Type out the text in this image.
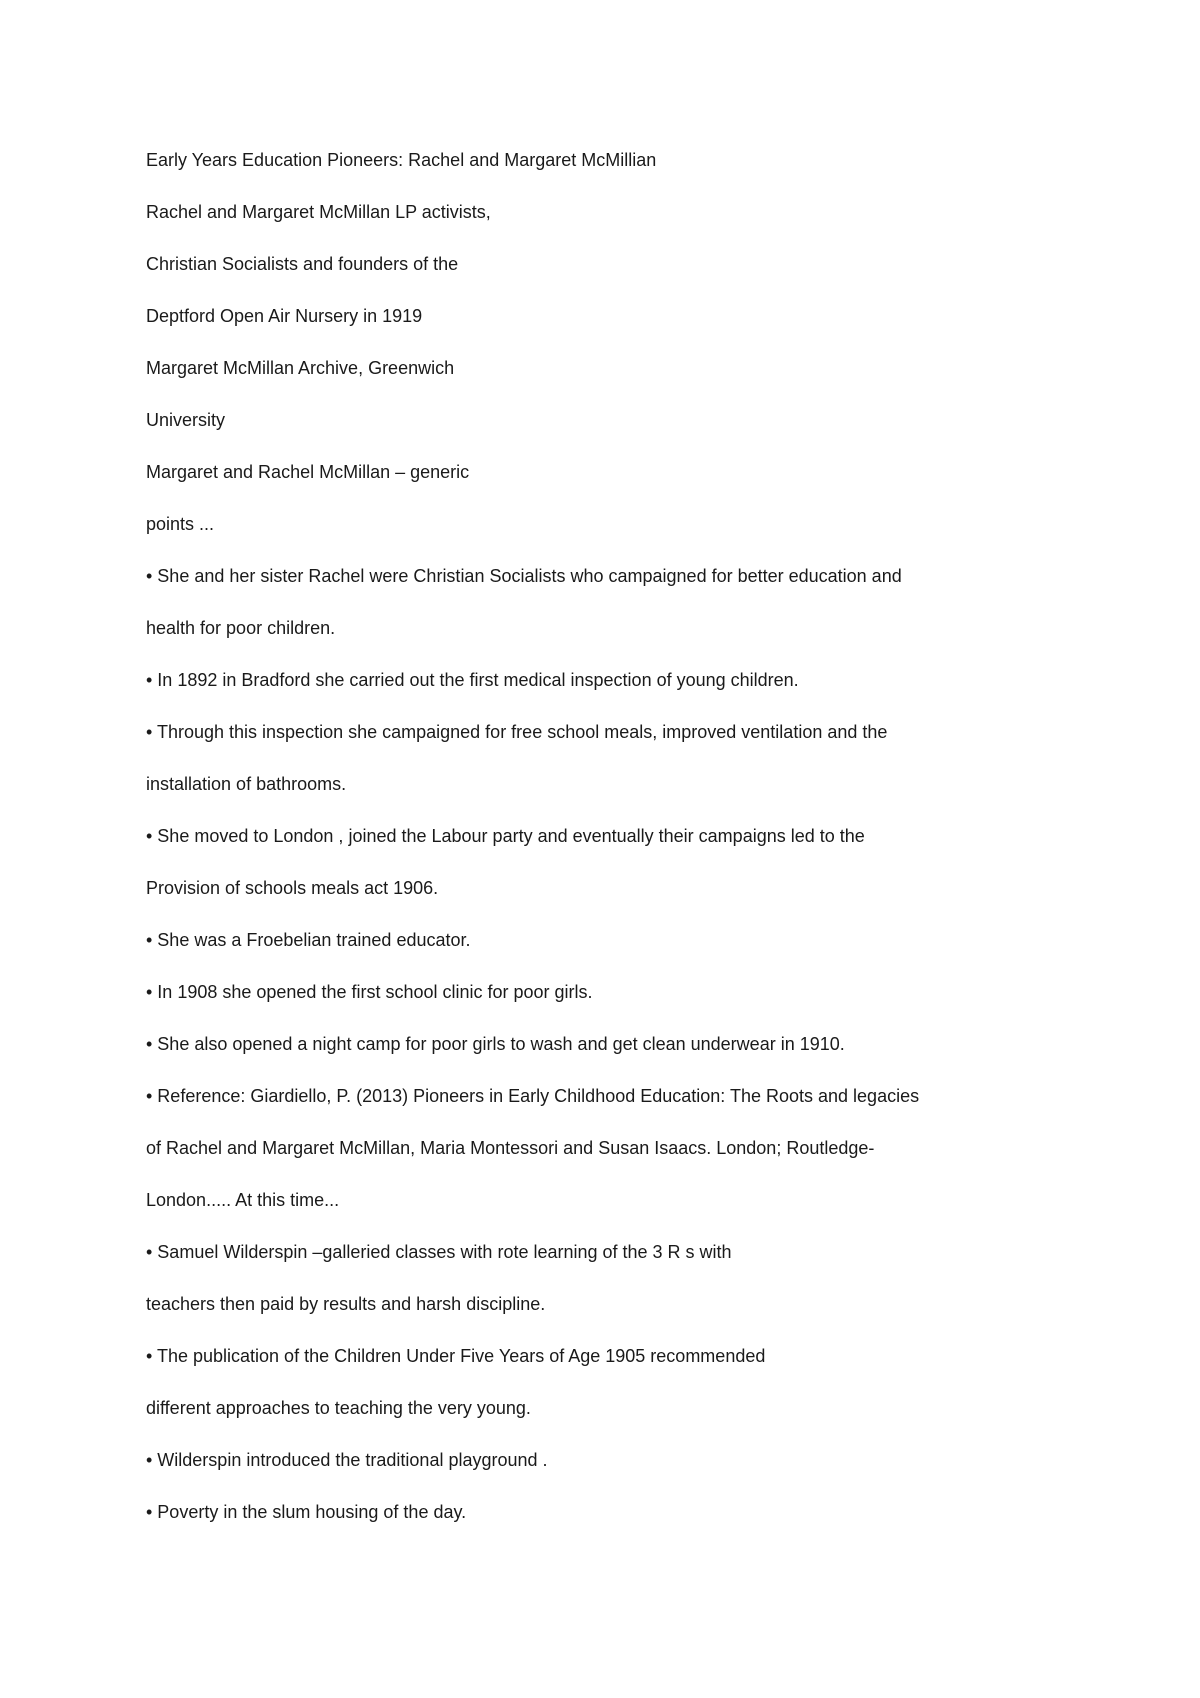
Early Years Education Pioneers: Rachel and Margaret McMillian

Rachel and Margaret McMillan LP activists,

Christian Socialists and founders of the

Deptford Open Air Nursery in 1919

Margaret McMillan Archive, Greenwich

University

Margaret and Rachel McMillan – generic

points ...

• She and her sister Rachel were Christian Socialists who campaigned for better education and

health for poor children.

• In 1892 in Bradford she carried out the first medical inspection of young children.

• Through this inspection she campaigned for free school meals, improved ventilation and the

installation of bathrooms.

• She moved to London , joined the Labour party and eventually their campaigns led to the

Provision of schools meals act 1906.

• She was a Froebelian trained educator.

• In 1908 she opened the first school clinic for poor girls.

• She also opened a night camp for poor girls to wash and get clean underwear in 1910.

• Reference: Giardiello, P. (2013) Pioneers in Early Childhood Education: The Roots and legacies

of Rachel and Margaret McMillan, Maria Montessori and Susan Isaacs. London; Routledge-

London..... At this time...

• Samuel Wilderspin –galleried classes with rote learning of the 3 R s with

teachers then paid by results and harsh discipline.

• The publication of the Children Under Five Years of Age 1905 recommended

different approaches to teaching the very young.

• Wilderspin introduced the traditional playground .

• Poverty in the slum housing of the day.
